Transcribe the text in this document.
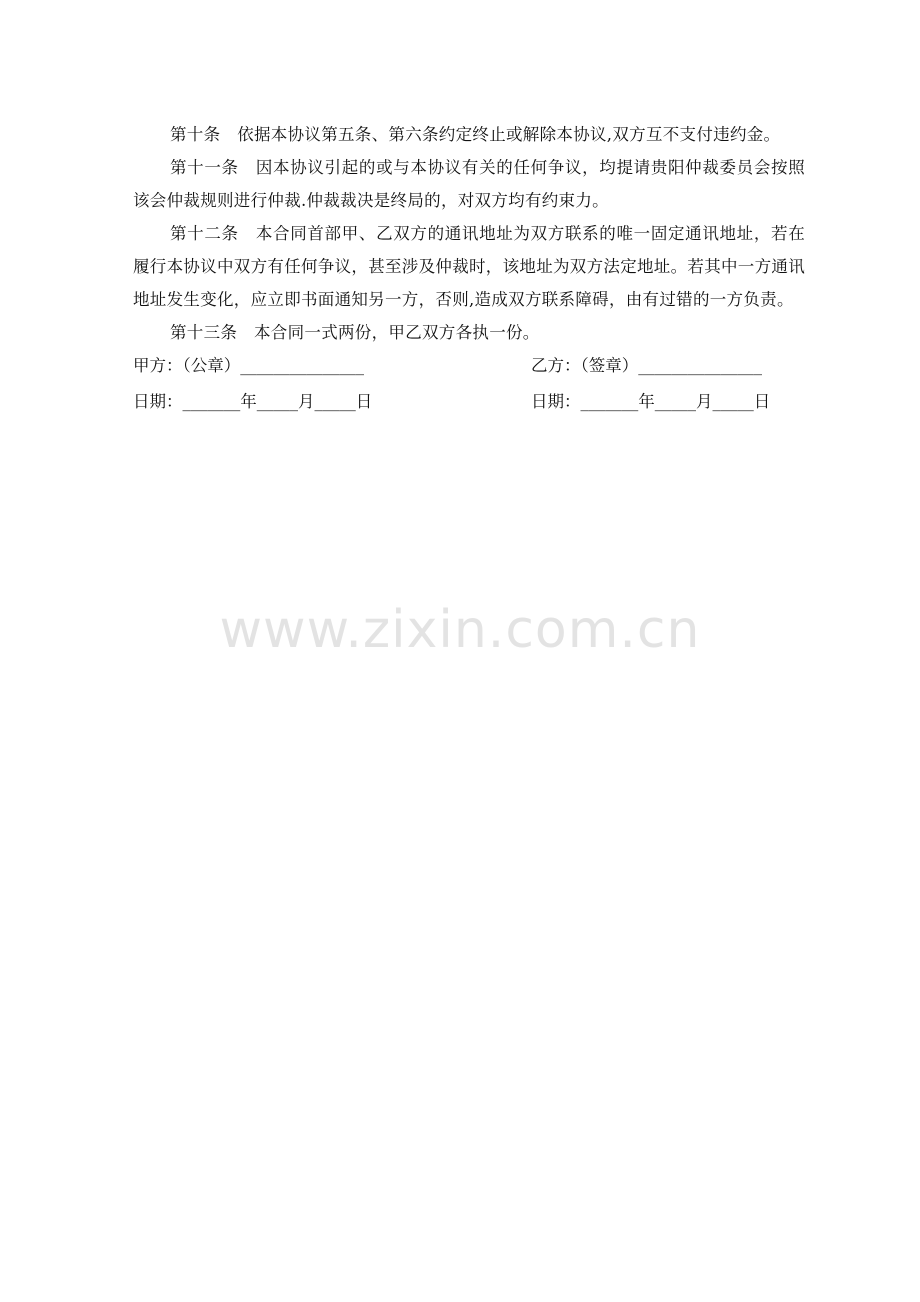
第十条　依据本协议第五条、第六条约定终止或解除本协议,双方互不支付违约金。

第十一条　因本协议引起的或与本协议有关的任何争议，均提请贵阳仲裁委员会按照该会仲裁规则进行仲裁.仲裁裁决是终局的，对双方均有约束力。

第十二条　本合同首部甲、乙双方的通讯地址为双方联系的唯一固定通讯地址，若在履行本协议中双方有任何争议，甚至涉及仲裁时，该地址为双方法定地址。若其中一方通讯地址发生变化，应立即书面通知另一方，否则,造成双方联系障碍，由有过错的一方负责。

第十三条　本合同一式两份，甲乙双方各执一份。

甲方：（公章）_______________

	乙方：（签章）_______________

日期：_______年_____月_____日

	日期：_______年_____月_____日

www.zixin.com.cn
